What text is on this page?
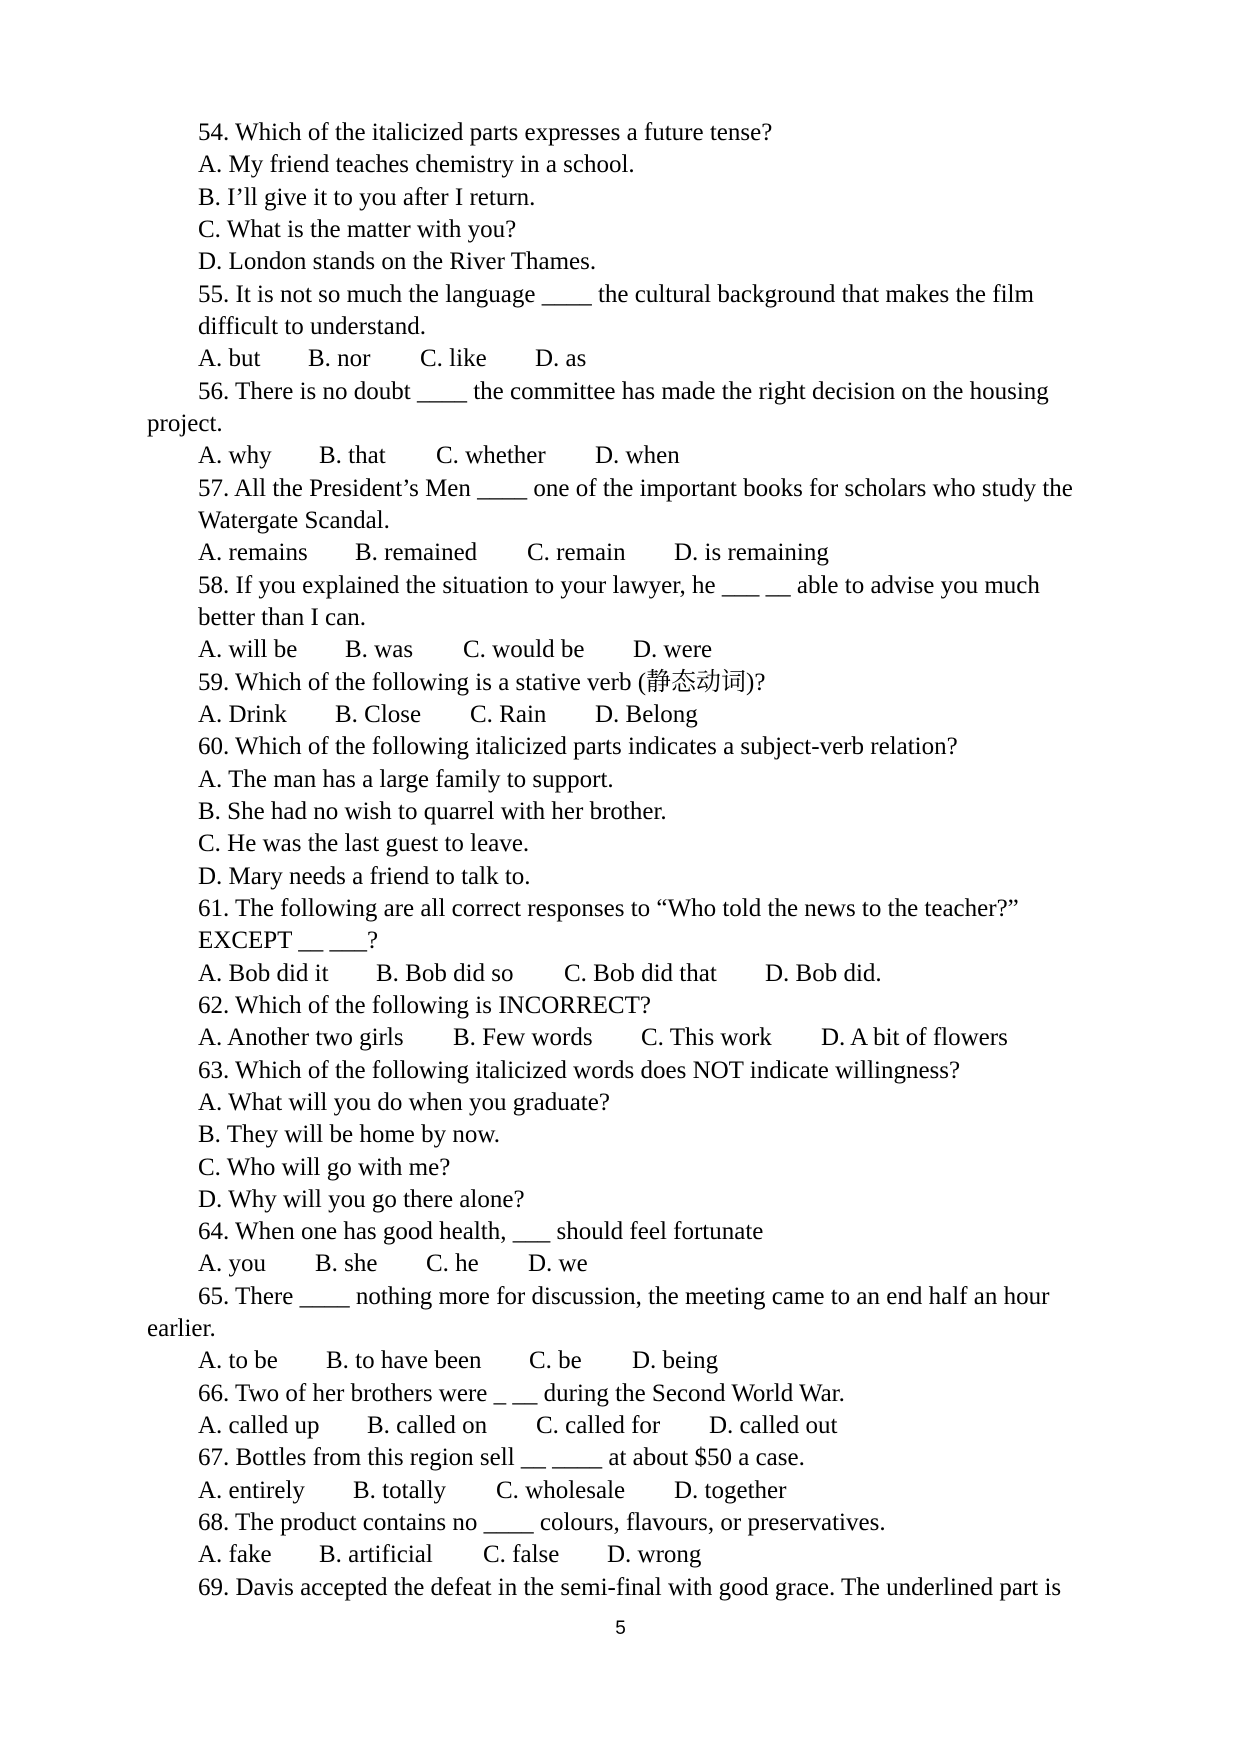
54. Which of the italicized parts expresses a future tense?
A. My friend teaches chemistry in a school.
B. I’ll give it to you after I return.
C. What is the matter with you?
D. London stands on the River Thames.
55. It is not so much the language ____ the cultural background that makes the film
difficult to understand.
A. but B. nor C. like D. as
56. There is no doubt ____ the committee has made the right decision on the housing
project.
A. why B. that C. whether D. when
57. All the President’s Men ____ one of the important books for scholars who study the
Watergate Scandal.
A. remains B. remained C. remain D. is remaining
58. If you explained the situation to your lawyer, he ___ __ able to advise you much
better than I can.
A. will be B. was C. would be D. were
59. Which of the following is a stative verb (静态动词)?
A. Drink B. Close C. Rain D. Belong
60. Which of the following italicized parts indicates a subject-verb relation?
A. The man has a large family to support.
B. She had no wish to quarrel with her brother.
C. He was the last guest to leave.
D. Mary needs a friend to talk to.
61. The following are all correct responses to “Who told the news to the teacher?”
EXCEPT __ ___?
A. Bob did it B. Bob did so C. Bob did that D. Bob did.
62. Which of the following is INCORRECT?
A. Another two girls B. Few words C. This work D. A bit of flowers
63. Which of the following italicized words does NOT indicate willingness?
A. What will you do when you graduate?
B. They will be home by now.
C. Who will go with me?
D. Why will you go there alone?
64. When one has good health, ___ should feel fortunate
A. you B. she C. he D. we
65. There ____ nothing more for discussion, the meeting came to an end half an hour
earlier.
A. to be B. to have been C. be D. being
66. Two of her brothers were _ __ during the Second World War.
A. called up B. called on C. called for D. called out
67. Bottles from this region sell __ ____ at about $50 a case.
A. entirely B. totally C. wholesale D. together
68. The product contains no ____ colours, flavours, or preservatives.
A. fake B. artificial C. false D. wrong
69. Davis accepted the defeat in the semi-final with good grace. The underlined part is
5
